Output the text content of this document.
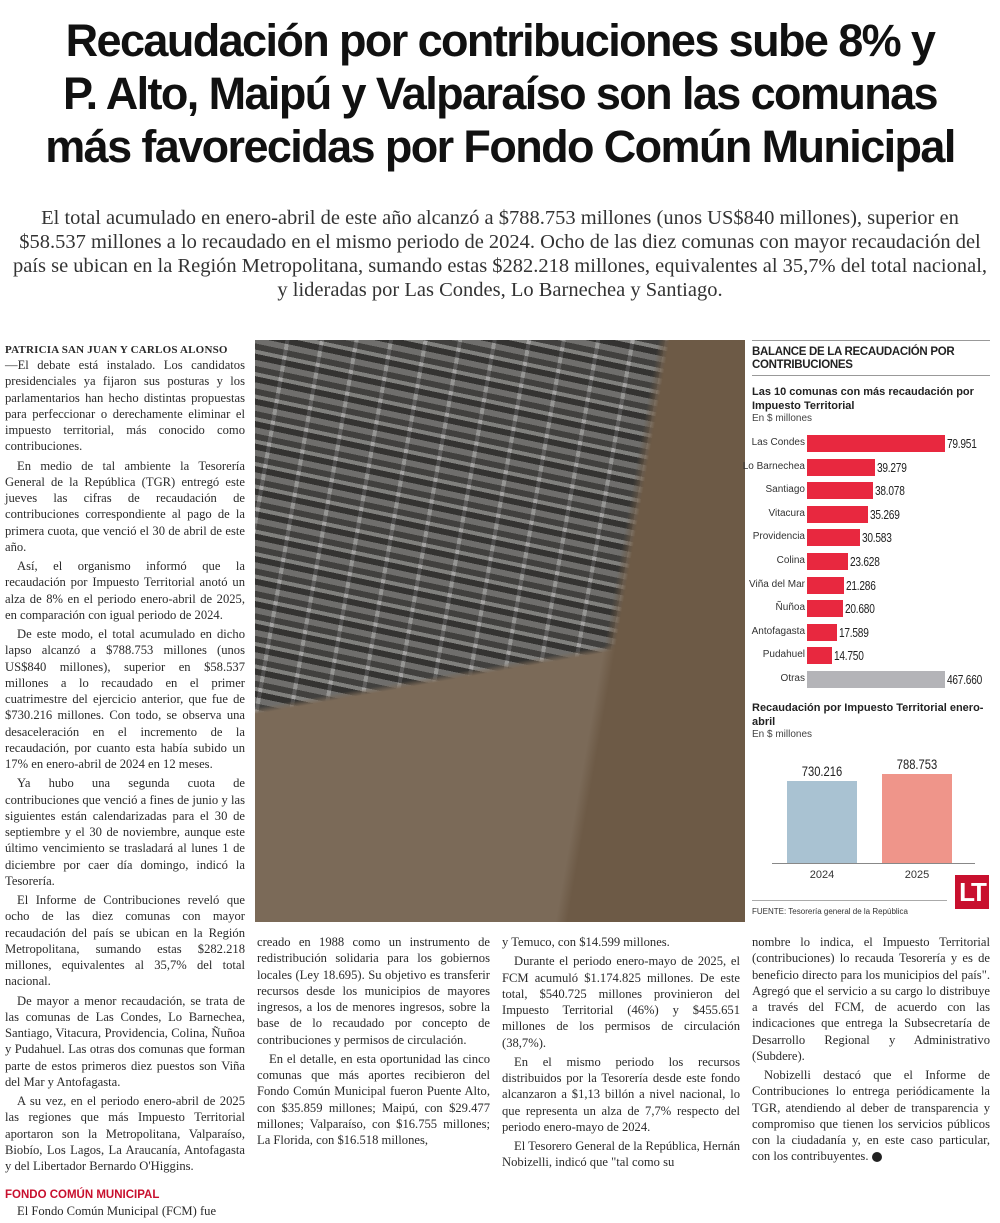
Recaudación por contribuciones sube 8% y
P. Alto, Maipú y Valparaíso son las comunas
más favorecidas por Fondo Común Municipal
El total acumulado en enero-abril de este año alcanzó a $788.753 millones (unos US$840 millones), superior en $58.537 millones a lo recaudado en el mismo periodo de 2024. Ocho de las diez comunas con mayor recaudación del país se ubican en la Región Metropolitana, sumando estas $282.218 millones, equivalentes al 35,7% del total nacional, y lideradas por Las Condes, Lo Barnechea y Santiago.
PATRICIA SAN JUAN Y CARLOS ALONSO

—El debate está instalado. Los candidatos presidenciales ya fijaron sus posturas y los parlamentarios han hecho distintas propuestas para perfeccionar o derechamente eliminar el impuesto territorial, más conocido como contribuciones.

En medio de tal ambiente la Tesorería General de la República (TGR) entregó este jueves las cifras de recaudación de contribuciones correspondiente al pago de la primera cuota, que venció el 30 de abril de este año.

Así, el organismo informó que la recaudación por Impuesto Territorial anotó un alza de 8% en el periodo enero-abril de 2025, en comparación con igual periodo de 2024.

De este modo, el total acumulado en dicho lapso alcanzó a $788.753 millones (unos US$840 millones), superior en $58.537 millones a lo recaudado en el primer cuatrimestre del ejercicio anterior, que fue de $730.216 millones. Con todo, se observa una desaceleración en el incremento de la recaudación, por cuanto esta había subido un 17% en enero-abril de 2024 en 12 meses.

Ya hubo una segunda cuota de contribuciones que venció a fines de junio y las siguientes están calendarizadas para el 30 de septiembre y el 30 de noviembre, aunque este último vencimiento se trasladará al lunes 1 de diciembre por caer día domingo, indicó la Tesorería.

El Informe de Contribuciones reveló que ocho de las diez comunas con mayor recaudación del país se ubican en la Región Metropolitana, sumando estas $282.218 millones, equivalentes al 35,7% del total nacional.

De mayor a menor recaudación, se trata de las comunas de Las Condes, Lo Barnechea, Santiago, Vitacura, Providencia, Colina, Ñuñoa y Pudahuel. Las otras dos comunas que forman parte de estos primeros diez puestos son Viña del Mar y Antofagasta.

A su vez, en el periodo enero-abril de 2025 las regiones que más Impuesto Territorial aportaron son la Metropolitana, Valparaíso, Biobío, Los Lagos, La Araucanía, Antofagasta y del Libertador Bernardo O'Higgins.

FONDO COMÚN MUNICIPAL

El Fondo Común Municipal (FCM) fue

creado en 1988 como un instrumento de redistribución solidaria para los gobiernos locales (Ley 18.695). Su objetivo es transferir recursos desde los municipios de mayores ingresos, a los de menores ingresos, sobre la base de lo recaudado por concepto de contribuciones y permisos de circulación.

En el detalle, en esta oportunidad las cinco comunas que más aportes recibieron del Fondo Común Municipal fueron Puente Alto, con $35.859 millones; Maipú, con $29.477 millones; Valparaíso, con $16.755 millones; La Florida, con $16.518 millones,

y Temuco, con $14.599 millones.

Durante el periodo enero-mayo de 2025, el FCM acumuló $1.174.825 millones. De este total, $540.725 millones provinieron del Impuesto Territorial (46%) y $455.651 millones de los permisos de circulación (38,7%).

En el mismo periodo los recursos distribuidos por la Tesorería desde este fondo alcanzaron a $1,13 billón a nivel nacional, lo que representa un alza de 7,7% respecto del periodo enero-mayo de 2024.

El Tesorero General de la República, Hernán Nobizelli, indicó que "tal como su

nombre lo indica, el Impuesto Territorial (contribuciones) lo recauda Tesorería y es de beneficio directo para los municipios del país". Agregó que el servicio a su cargo lo distribuye a través del FCM, de acuerdo con las indicaciones que entrega la Subsecretaría de Desarrollo Regional y Administrativo (Subdere).

Nobizelli destacó que el Informe de Contribuciones lo entrega periódicamente la TGR, atendiendo al deber de transparencia y compromiso que tienen los servicios públicos con la ciudadanía y, en este caso particular, con los contribuyentes. P

BALANCE DE LA RECAUDACIÓN POR CONTRIBUCIONES
Las 10 comunas con más recaudación por Impuesto Territorial
En $ millones
Las Condes	79.951
Lo Barnechea	39.279
Santiago	38.078
Vitacura	35.269
Providencia	30.583
Colina	23.628
Viña del Mar	21.286
Ñuñoa	20.680
Antofagasta	17.589
Pudahuel 14.750
Otras	467.660
Recaudación por Impuesto Territorial enero-abril
En $ millones
730.216
2024
788.753
2025
FUENTE: Tesorería general de la República
LT
